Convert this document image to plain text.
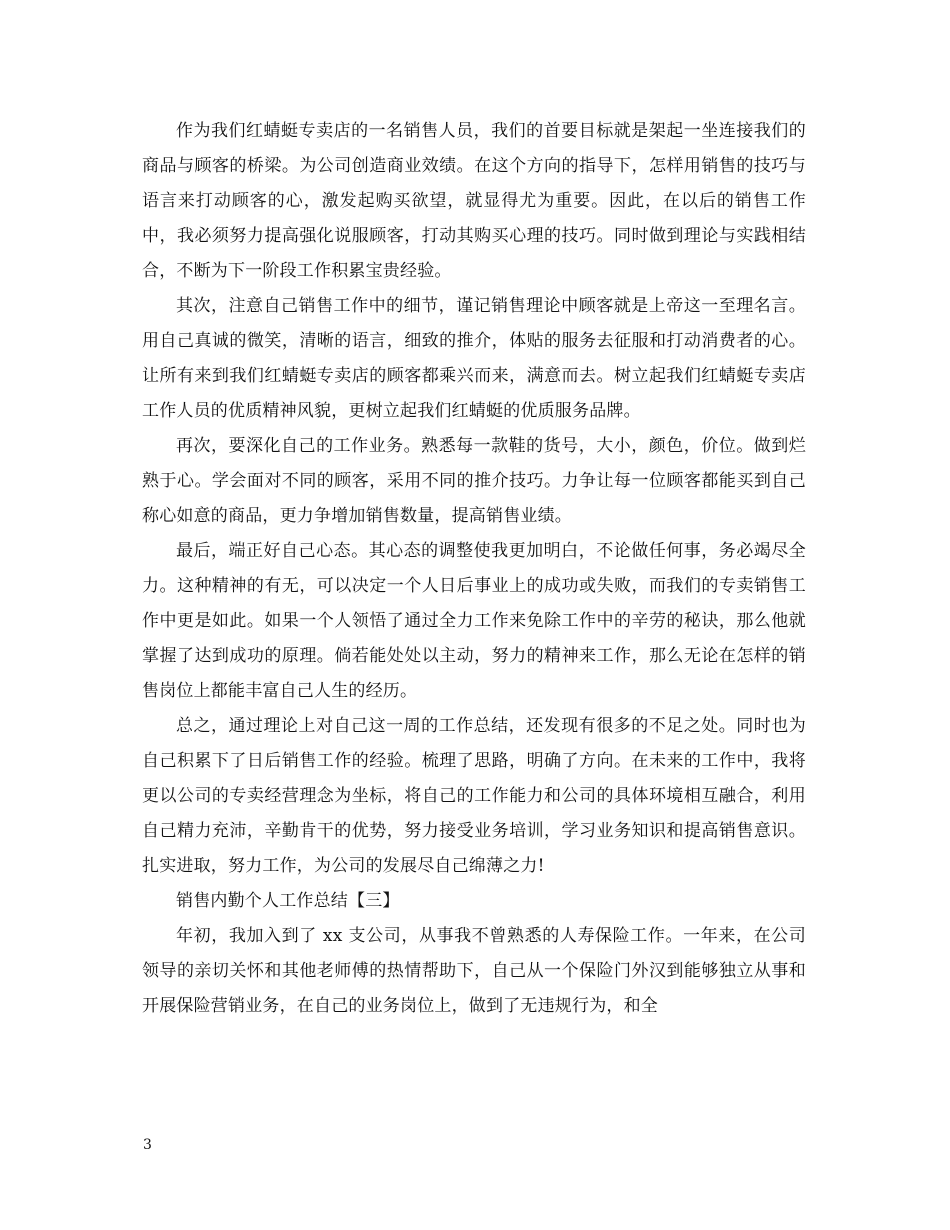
作为我们红蜻蜓专卖店的一名销售人员，我们的首要目标就是架起一坐连接我们的商品与顾客的桥梁。为公司创造商业效绩。在这个方向的指导下，怎样用销售的技巧与语言来打动顾客的心，激发起购买欲望，就显得尤为重要。因此，在以后的销售工作中，我必须努力提高强化说服顾客，打动其购买心理的技巧。同时做到理论与实践相结合，不断为下一阶段工作积累宝贵经验。

其次，注意自己销售工作中的细节，谨记销售理论中顾客就是上帝这一至理名言。用自己真诚的微笑，清晰的语言，细致的推介，体贴的服务去征服和打动消费者的心。让所有来到我们红蜻蜓专卖店的顾客都乘兴而来，满意而去。树立起我们红蜻蜓专卖店工作人员的优质精神风貌，更树立起我们红蜻蜓的优质服务品牌。

再次，要深化自己的工作业务。熟悉每一款鞋的货号，大小，颜色，价位。做到烂熟于心。学会面对不同的顾客，采用不同的推介技巧。力争让每一位顾客都能买到自己称心如意的商品，更力争增加销售数量，提高销售业绩。

最后，端正好自己心态。其心态的调整使我更加明白，不论做任何事，务必竭尽全力。这种精神的有无，可以决定一个人日后事业上的成功或失败，而我们的专卖销售工作中更是如此。如果一个人领悟了通过全力工作来免除工作中的辛劳的秘诀，那么他就掌握了达到成功的原理。倘若能处处以主动，努力的精神来工作，那么无论在怎样的销售岗位上都能丰富自己人生的经历。

总之，通过理论上对自己这一周的工作总结，还发现有很多的不足之处。同时也为自己积累下了日后销售工作的经验。梳理了思路，明确了方向。在未来的工作中，我将更以公司的专卖经营理念为坐标，将自己的工作能力和公司的具体环境相互融合，利用自己精力充沛，辛勤肯干的优势，努力接受业务培训，学习业务知识和提高销售意识。扎实进取，努力工作，为公司的发展尽自己绵薄之力!

销售内勤个人工作总结【三】

年初，我加入到了 xx 支公司，从事我不曾熟悉的人寿保险工作。一年来，在公司领导的亲切关怀和其他老师傅的热情帮助下，自己从一个保险门外汉到能够独立从事和开展保险营销业务，在自己的业务岗位上，做到了无违规行为，和全

3
